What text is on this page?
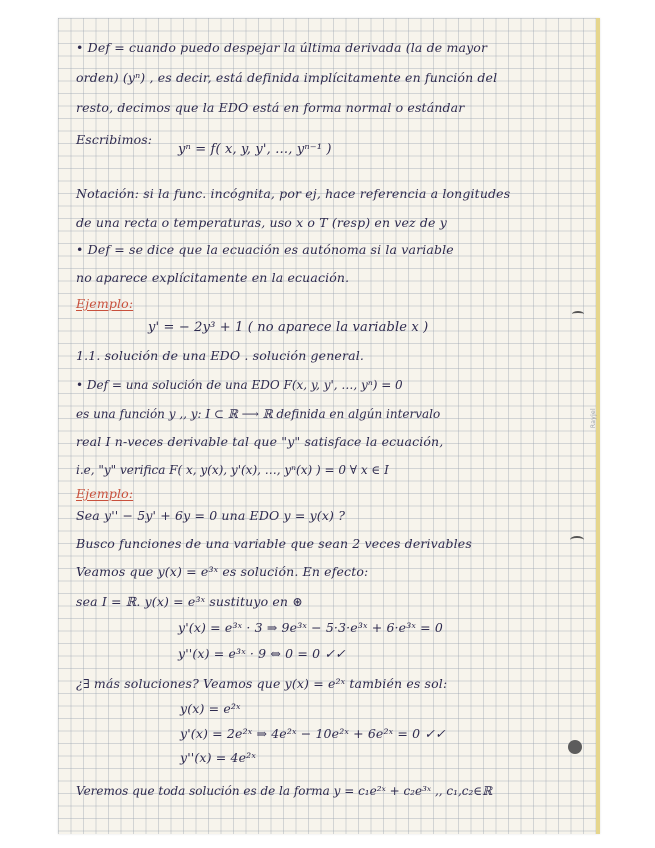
Rayjel
• Def = cuando puedo despejar la última derivada (la de mayor
orden) (yⁿ) , es decir, está definida implícitamente en función del
resto, decimos que la EDO está en forma normal o estándar
Escribimos:
yⁿ = f( x, y, y', …, yⁿ⁻¹ )
Notación: si la func. incógnita, por ej, hace referencia a longitudes
de una recta o temperaturas, uso x o T (resp) en vez de y
• Def = se dice que la ecuación es autónoma si la variable
no aparece explícitamente en la ecuación.
Ejemplo:
y' = − 2y³ + 1 ( no aparece la variable x )
1.1. solución de una EDO . solución general.
• Def = una solución de una EDO F(x, y, y', …, yⁿ) = 0
es una función y ,, y: I ⊂ ℝ ⟶ ℝ definida en algún intervalo
real I n-veces derivable tal que "y" satisface la ecuación,
i.e, "y" verifica F( x, y(x), y'(x), …, yⁿ(x) ) = 0 ∀ x ∈ I
Ejemplo:
Sea y'' − 5y' + 6y = 0 una EDO y = y(x) ?
Busco funciones de una variable que sean 2 veces derivables
Veamos que y(x) = e³ˣ es solución. En efecto:
sea I = ℝ. y(x) = e³ˣ sustituyo en ⊛
y'(x) = e³ˣ · 3 ⇒ 9e³ˣ − 5·3·e³ˣ + 6·e³ˣ = 0
y''(x) = e³ˣ · 9 ⇔ 0 = 0 ✓✓
¿∃ más soluciones? Veamos que y(x) = e²ˣ también es sol:
y(x) = e²ˣ
y'(x) = 2e²ˣ ⇒ 4e²ˣ − 10e²ˣ + 6e²ˣ = 0 ✓✓
y''(x) = 4e²ˣ
Veremos que toda solución es de la forma y = c₁e²ˣ + c₂e³ˣ ,, c₁,c₂∈ℝ
